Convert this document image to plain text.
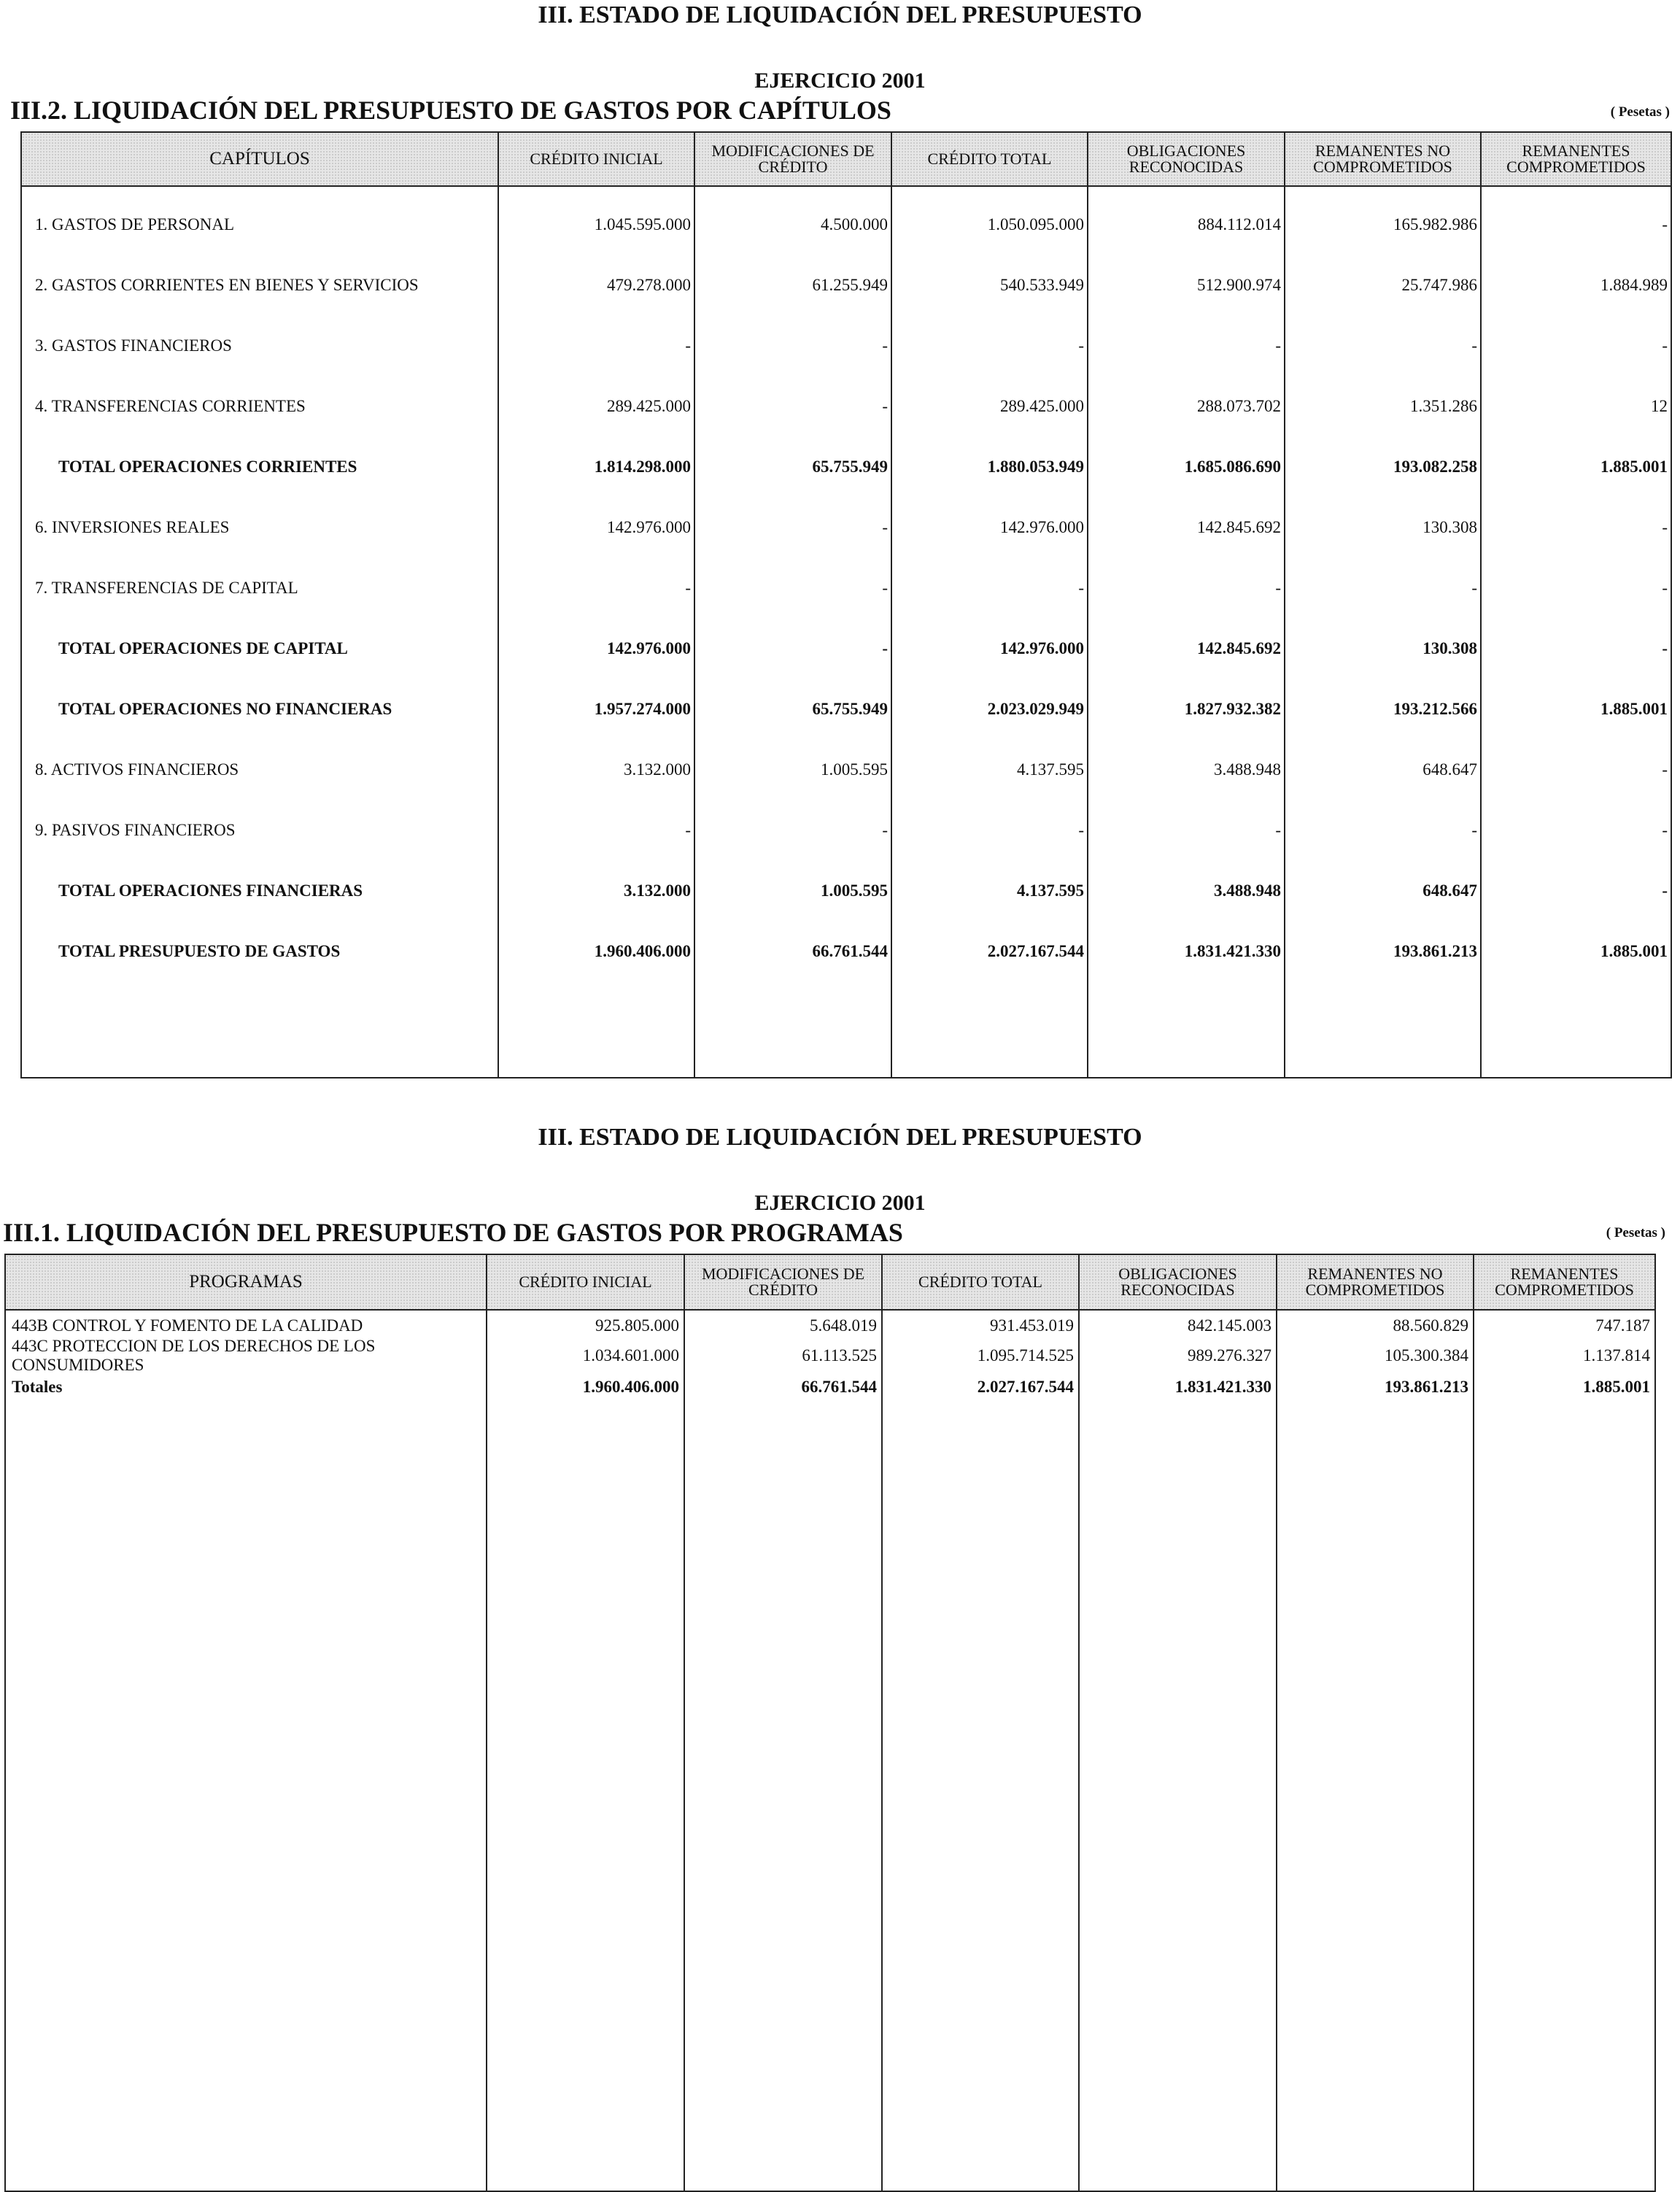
III. ESTADO DE LIQUIDACIÓN DEL PRESUPUESTO
EJERCICIO 2001
III.2. LIQUIDACIÓN DEL PRESUPUESTO DE GASTOS POR CAPÍTULOS	( Pesetas )
CAPÍTULOS	CRÉDITO INICIAL	MODIFICACIONES DE CRÉDITO	CRÉDITO TOTAL	OBLIGACIONES RECONOCIDAS	REMANENTES NO COMPROMETIDOS	REMANENTES COMPROMETIDOS
1. GASTOS DE PERSONAL	1.045.595.000	4.500.000	1.050.095.000	884.112.014	165.982.986	-
2. GASTOS CORRIENTES EN BIENES Y SERVICIOS	479.278.000	61.255.949	540.533.949	512.900.974	25.747.986	1.884.989
3. GASTOS FINANCIEROS	-	-	-	-	-	-
4. TRANSFERENCIAS CORRIENTES	289.425.000	-	289.425.000	288.073.702	1.351.286	12
TOTAL OPERACIONES CORRIENTES	1.814.298.000	65.755.949	1.880.053.949	1.685.086.690	193.082.258	1.885.001
6. INVERSIONES REALES	142.976.000	-	142.976.000	142.845.692	130.308	-
7. TRANSFERENCIAS DE CAPITAL	-	-	-	-	-	-
TOTAL OPERACIONES DE CAPITAL	142.976.000	-	142.976.000	142.845.692	130.308	-
TOTAL OPERACIONES NO FINANCIERAS	1.957.274.000	65.755.949	2.023.029.949	1.827.932.382	193.212.566	1.885.001
8. ACTIVOS FINANCIEROS	3.132.000	1.005.595	4.137.595	3.488.948	648.647	-
9. PASIVOS FINANCIEROS	-	-	-	-	-	-
TOTAL OPERACIONES FINANCIERAS	3.132.000	1.005.595	4.137.595	3.488.948	648.647	-
TOTAL PRESUPUESTO DE GASTOS	1.960.406.000	66.761.544	2.027.167.544	1.831.421.330	193.861.213	1.885.001

III. ESTADO DE LIQUIDACIÓN DEL PRESUPUESTO
EJERCICIO 2001
III.1. LIQUIDACIÓN DEL PRESUPUESTO DE GASTOS POR PROGRAMAS	( Pesetas )
PROGRAMAS	CRÉDITO INICIAL	MODIFICACIONES DE CRÉDITO	CRÉDITO TOTAL	OBLIGACIONES RECONOCIDAS	REMANENTES NO COMPROMETIDOS	REMANENTES COMPROMETIDOS
443B CONTROL Y FOMENTO DE LA CALIDAD	925.805.000	5.648.019	931.453.019	842.145.003	88.560.829	747.187
443C PROTECCION DE LOS DERECHOS DE LOS CONSUMIDORES	1.034.601.000	61.113.525	1.095.714.525	989.276.327	105.300.384	1.137.814
Totales	1.960.406.000	66.761.544	2.027.167.544	1.831.421.330	193.861.213	1.885.001
